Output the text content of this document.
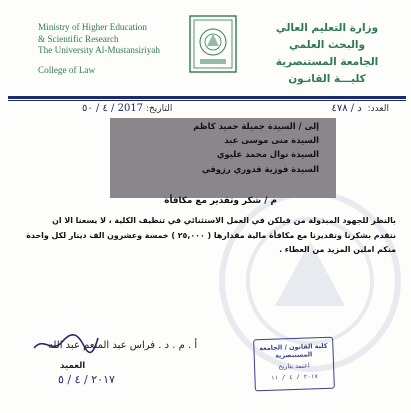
Ministry of Higher Education
& Scientific Research
The University Al-Mustansiriyah
College of Law
وزارة التعليم العالي والبحث العلمي
الجامعة المستنصرية
كليـــة القانـون
العدد: د / ٤٧٨
التاريخ: 2017 / ٤ / ٥٠
إلى / السيدة جميلة حميد كاظم
السيدة منى موسى عبد
السيدة نوال محمد عليوي
السيدة فوزية قدوري رزوقي
م / شكر وتقدير مع مكافأة
بالنظر للجهود المبذولة من قبلكن في العمل الاستثنائي في تنظيف الكلية ، لا يسعنا الا ان
نتقدم بشكرنا وتقديرنا مع مكافأة مالية مقدارها ( ٢٥,٠٠٠ ) خمسة وعشرون الف دينار لكل واحدة
منكم املين المزيد من العطاء .
أ . م . د . فراس عبد المنعم عبد الله
العميد
٢٠١٧ / ٤ / ٥
كلية القانون / الجامعة المستنصرية
اعتمد بتاريخ
٢٠١٧ / ٤ / ١١
